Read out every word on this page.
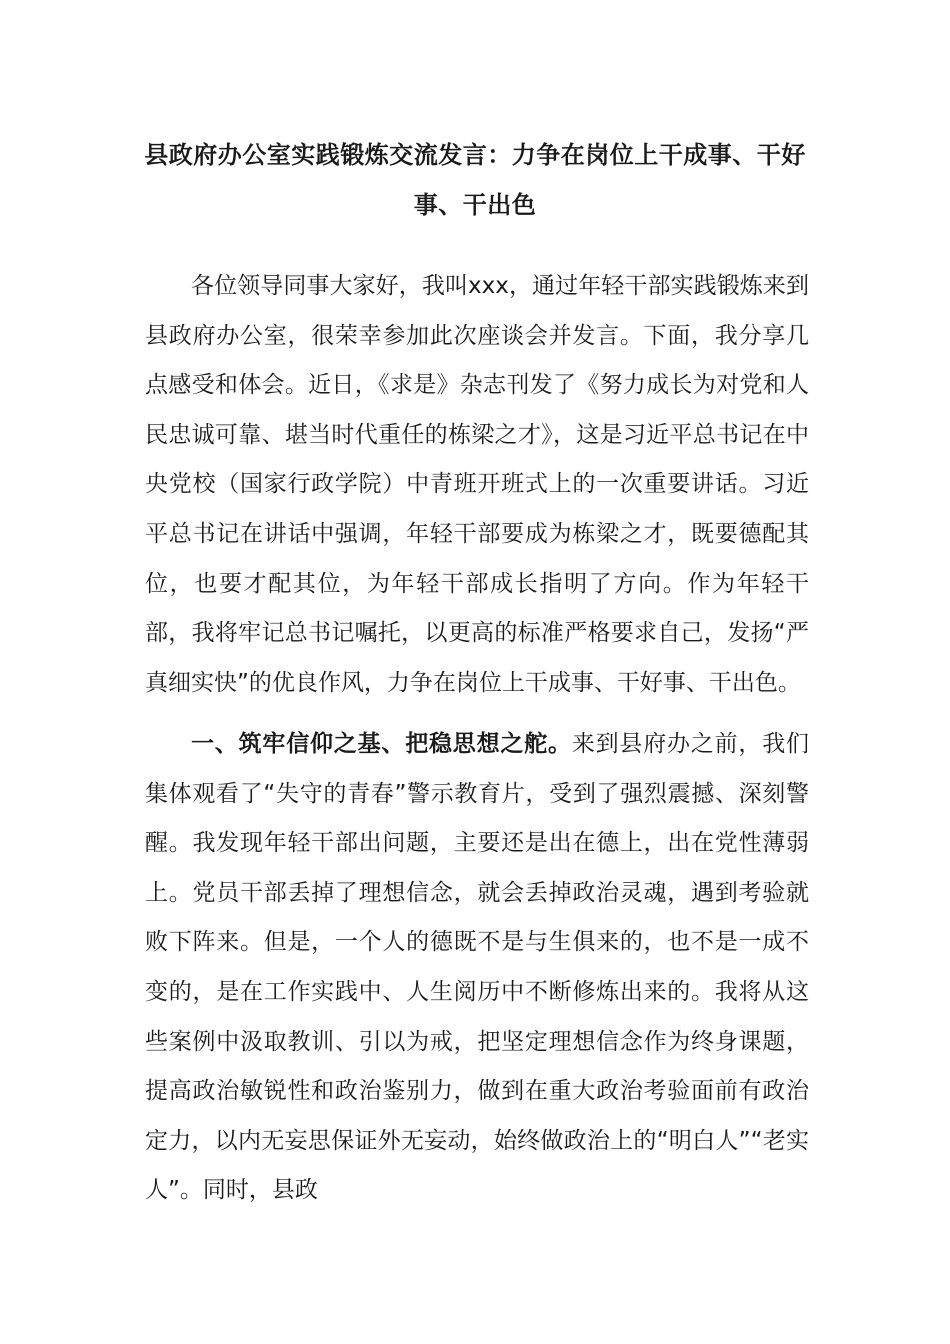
县政府办公室实践锻炼交流发言：力争在岗位上干成事、干好事、干出色

各位领导同事大家好，我叫xxx，通过年轻干部实践锻炼来到县政府办公室，很荣幸参加此次座谈会并发言。下面，我分享几点感受和体会。近日，《求是》杂志刊发了《努力成长为对党和人民忠诚可靠、堪当时代重任的栋梁之才》，这是习近平总书记在中央党校（国家行政学院）中青班开班式上的一次重要讲话。习近平总书记在讲话中强调，年轻干部要成为栋梁之才，既要德配其位，也要才配其位，为年轻干部成长指明了方向。作为年轻干部，我将牢记总书记嘱托，以更高的标准严格要求自己，发扬“严真细实快”的优良作风，力争在岗位上干成事、干好事、干出色。

一、筑牢信仰之基、把稳思想之舵。来到县府办之前，我们集体观看了“失守的青春”警示教育片，受到了强烈震撼、深刻警醒。我发现年轻干部出问题，主要还是出在德上，出在党性薄弱上。党员干部丢掉了理想信念，就会丢掉政治灵魂，遇到考验就败下阵来。但是，一个人的德既不是与生俱来的，也不是一成不变的，是在工作实践中、人生阅历中不断修炼出来的。我将从这些案例中汲取教训、引以为戒，把坚定理想信念作为终身课题，提高政治敏锐性和政治鉴别力，做到在重大政治考验面前有政治定力，以内无妄思保证外无妄动，始终做政治上的“明白人”“老实人”。同时，县政
